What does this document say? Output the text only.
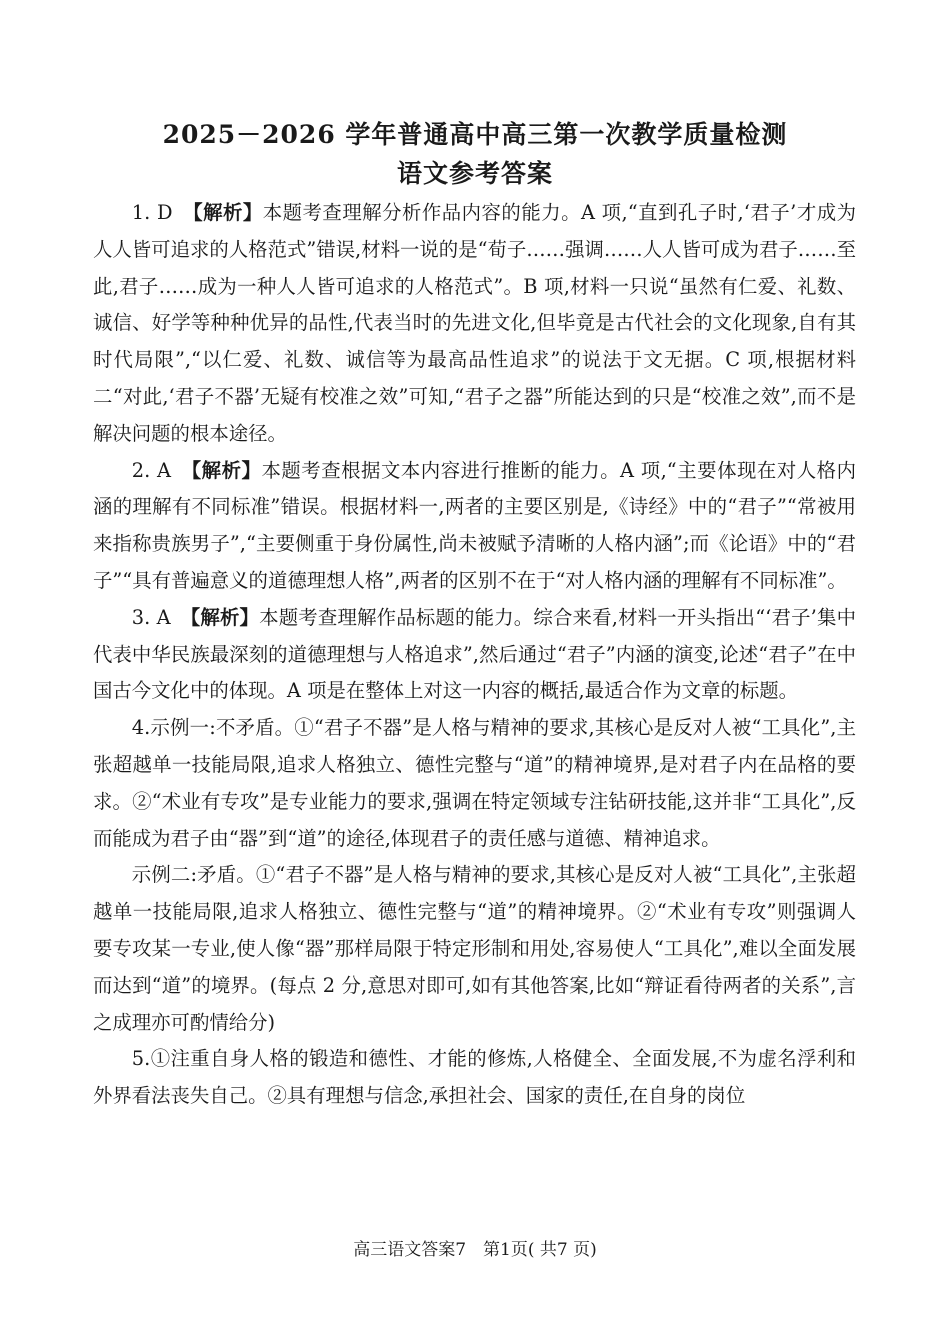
2025－2026 学年普通高中高三第一次教学质量检测
语文参考答案

1. D　 【解析】本题考查理解分析作品内容的能力。A 项,“直到孔子时,‘君子’才成为人人皆可追求的人格范式”错误,材料一说的是“荀子……强调……人人皆可成为君子……至此,君子……成为一种人人皆可追求的人格范式”。B 项,材料一只说“虽然有仁爱、礼数、诚信、好学等种种优异的品性,代表当时的先进文化,但毕竟是古代社会的文化现象,自有其时代局限”,“以仁爱、礼数、诚信等为最高品性追求”的说法于文无据。C 项,根据材料二“对此,‘君子不器’无疑有校准之效”可知,“君子之器”所能达到的只是“校准之效”,而不是解决问题的根本途径。

2. A　 【解析】本题考查根据文本内容进行推断的能力。A 项,“主要体现在对人格内涵的理解有不同标准”错误。根据材料一,两者的主要区别是,《诗经》中的“君子”“常被用来指称贵族男子”,“主要侧重于身份属性,尚未被赋予清晰的人格内涵”;而《论语》中的“君子”“具有普遍意义的道德理想人格”,两者的区别不在于“对人格内涵的理解有不同标准”。

3. A　 【解析】本题考查理解作品标题的能力。综合来看,材料一开头指出“‘君子’集中代表中华民族最深刻的道德理想与人格追求”,然后通过“君子”内涵的演变,论述“君子”在中国古今文化中的体现。A 项是在整体上对这一内容的概括,最适合作为文章的标题。

4.示例一:不矛盾。①“君子不器”是人格与精神的要求,其核心是反对人被“工具化”,主张超越单一技能局限,追求人格独立、德性完整与“道”的精神境界,是对君子内在品格的要求。②“术业有专攻”是专业能力的要求,强调在特定领域专注钻研技能,这并非“工具化”,反而能成为君子由“器”到“道”的途径,体现君子的责任感与道德、精神追求。

示例二:矛盾。①“君子不器”是人格与精神的要求,其核心是反对人被“工具化”,主张超越单一技能局限,追求人格独立、德性完整与“道”的精神境界。②“术业有专攻”则强调人要专攻某一专业,使人像“器”那样局限于特定形制和用处,容易使人“工具化”,难以全面发展而达到“道”的境界。(每点 2 分,意思对即可,如有其他答案,比如“辩证看待两者的关系”,言之成理亦可酌情给分)

5.①注重自身人格的锻造和德性、才能的修炼,人格健全、全面发展,不为虚名浮利和外界看法丧失自己。②具有理想与信念,承担社会、国家的责任,在自身的岗位

高三语文答案7　第1页( 共7 页)
